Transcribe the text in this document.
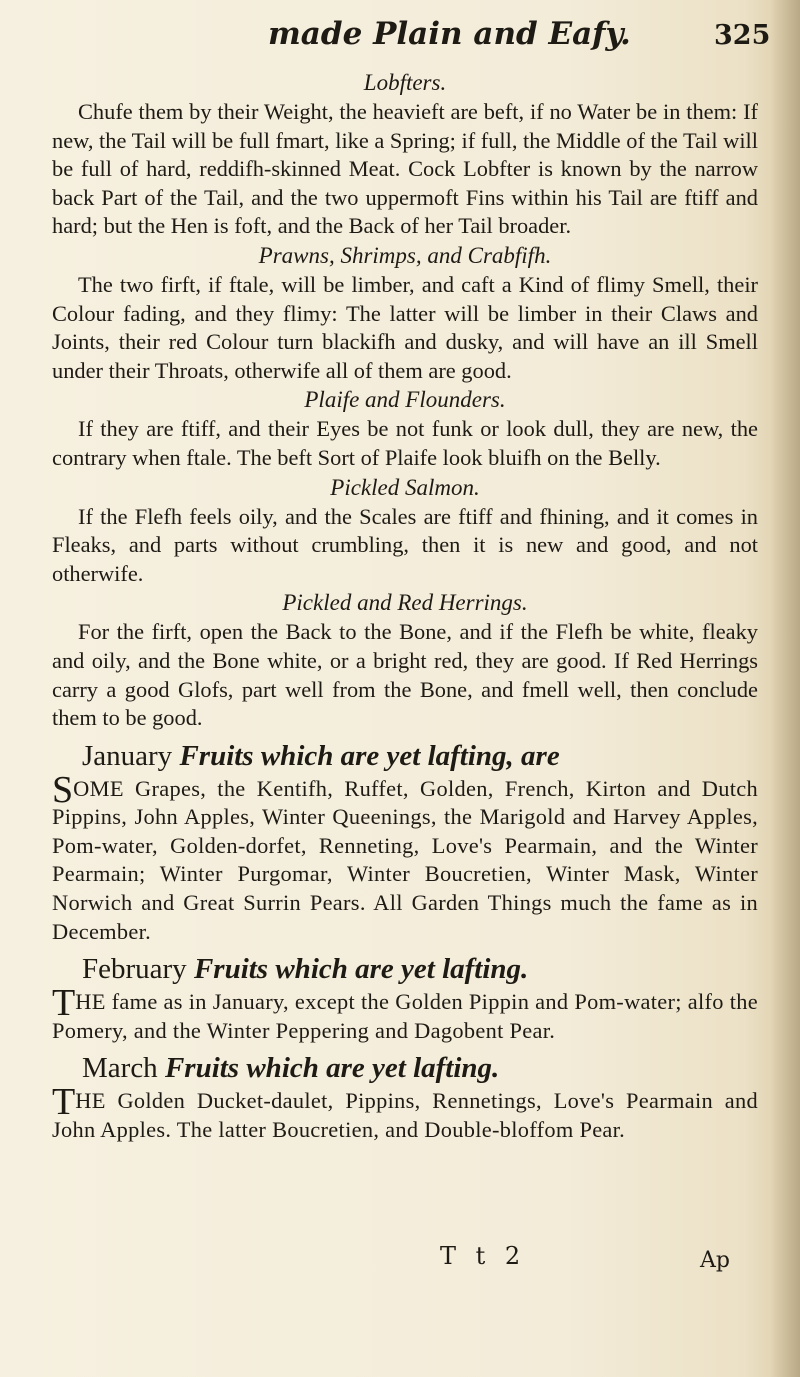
made Plain and Eafy.	325

Lobfters.

Chufe them by their Weight, the heavieft are beft, if no Water be in them: If new, the Tail will be full fmart, like a Spring; if full, the Middle of the Tail will be full of hard, reddifh-skinned Meat. Cock Lobfter is known by the narrow back Part of the Tail, and the two uppermoft Fins within his Tail are ftiff and hard; but the Hen is foft, and the Back of her Tail broader.

Prawns, Shrimps, and Crabfifh.

The two firft, if ftale, will be limber, and caft a Kind of flimy Smell, their Colour fading, and they flimy: The latter will be limber in their Claws and Joints, their red Colour turn blackifh and dusky, and will have an ill Smell under their Throats, otherwife all of them are good.

Plaife and Flounders.

If they are ftiff, and their Eyes be not funk or look dull, they are new, the contrary when ftale. The beft Sort of Plaife look bluifh on the Belly.

Pickled Salmon.

If the Flefh feels oily, and the Scales are ftiff and fhining, and it comes in Fleaks, and parts without crumbling, then it is new and good, and not otherwife.

Pickled and Red Herrings.

For the firft, open the Back to the Bone, and if the Flefh be white, fleaky and oily, and the Bone white, or a bright red, they are good. If Red Herrings carry a good Glofs, part well from the Bone, and fmell well, then conclude them to be good.

January Fruits which are yet lafting, are

SOME Grapes, the Kentifh, Ruffet, Golden, French, Kirton and Dutch Pippins, John Apples, Winter Queenings, the Marigold and Harvey Apples, Pom-water, Golden-dorfet, Renneting, Love's Pearmain, and the Winter Pearmain; Winter Purgomar, Winter Boucretien, Winter Mask, Winter Norwich and Great Surrin Pears. All Garden Things much the fame as in December.

February Fruits which are yet lafting.

THE fame as in January, except the Golden Pippin and Pom-water; alfo the Pomery, and the Winter Peppering and Dagobent Pear.

March Fruits which are yet lafting.

THE Golden Ducket-daulet, Pippins, Rennetings, Love's Pearmain and John Apples. The latter Boucretien, and Double-bloffom Pear.

T t 2	Ap
